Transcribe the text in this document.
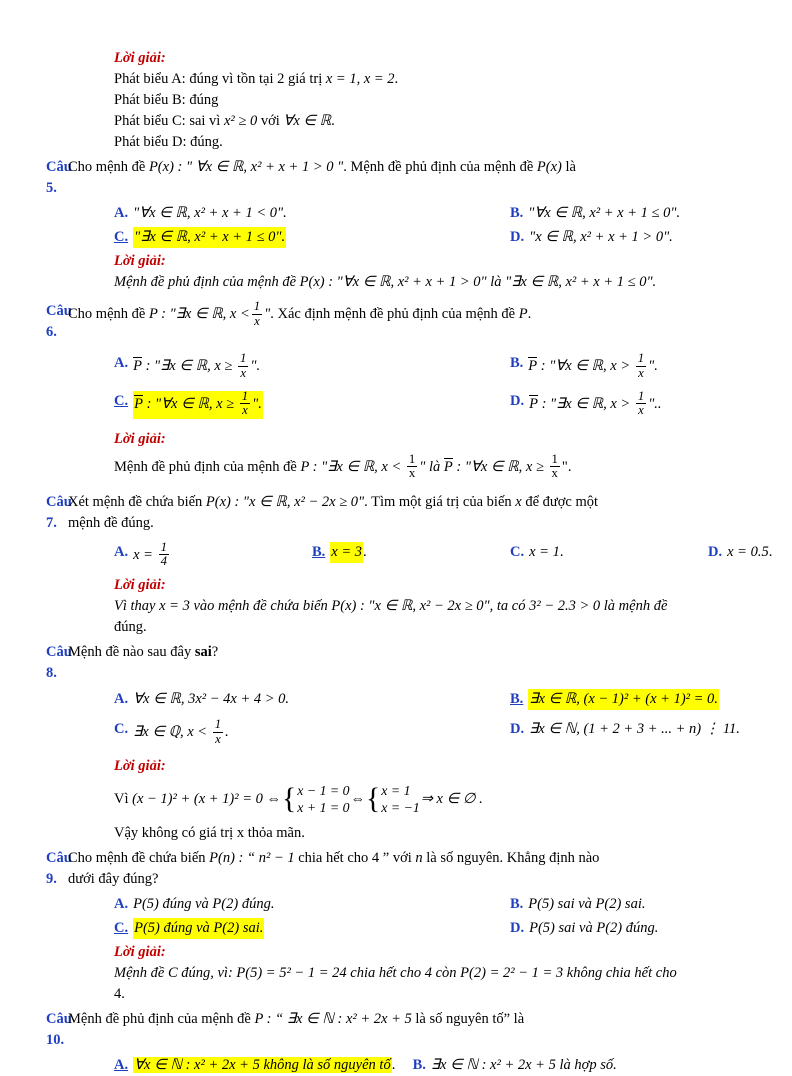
Lời giải:
Phát biểu A: đúng vì tồn tại 2 giá trị x = 1, x = 2.
Phát biểu B: đúng
Phát biểu C: sai vì x² ≥ 0 với ∀x ∈ ℝ.
Phát biểu D: đúng.
Câu 5.
Cho mệnh đề P(x) : " ∀x ∈ ℝ, x² + x + 1 > 0 ". Mệnh đề phủ định của mệnh đề P(x) là
A. "∀x ∈ ℝ, x² + x + 1 < 0".	B. "∀x ∈ ℝ, x² + x + 1 ≤ 0".
C. "∃x ∈ ℝ, x² + x + 1 ≤ 0".	D. "x ∈ ℝ, x² + x + 1 > 0".
Lời giải:
Mệnh đề phủ định của mệnh đề P(x) : "∀x ∈ ℝ, x² + x + 1 > 0" là "∃x ∈ ℝ, x² + x + 1 ≤ 0".
Câu 6.
Cho mệnh đề P : "∃x ∈ ℝ, $x < \frac{1}{x}$ ". Xác định mệnh đề phủ định của mệnh đề P.
A. P : "∃x ∈ ℝ, $x \ge \frac{1}{x}$ ".	B. P : "∀x ∈ ℝ, $x > \frac{1}{x}$ ".
C. P : "∀x ∈ ℝ, $x \ge \frac{1}{x}$ ".	D. P : "∃x ∈ ℝ, $x > \frac{1}{x}$ "..
Lời giải:
Mệnh đề phủ định của mệnh đề P : "∃x ∈ ℝ, $x < \frac{1}{x}$ " là P : "∀x ∈ ℝ, $x \ge \frac{1}{x}$ ".
Câu 7.
Xét mệnh đề chứa biến P(x) : "x ∈ ℝ, x² − 2x ≥ 0". Tìm một giá trị của biến x để được một
mệnh đề đúng.
A. $x = \frac{1}{4}$	B. x = 3 .	C. x = 1 .	D. x = 0.5 .
Lời giải:
Vì thay x = 3 vào mệnh đề chứa biến P(x) : "x ∈ ℝ, x² − 2x ≥ 0", ta có 3² − 2.3 > 0 là mệnh đề
đúng.
Câu 8.
Mệnh đề nào sau đây sai?
A. ∀x ∈ ℝ, 3x² − 4x + 4 > 0.	B. ∃x ∈ ℝ, (x − 1)² + (x + 1)² = 0.
C. ∃x ∈ ℚ, $x < \frac{1}{x}$ .	D. ∃x ∈ ℕ, (1 + 2 + 3 + ... + n) ⋮ 11.
Lời giải:
Vì (x − 1)² + (x + 1)² = 0 ⇔ { x − 1 = 0
x + 1 = 0
⇔ { x = 1
x = −1
⇒ x ∈ ∅ .
Vậy không có giá trị x thỏa mãn.
Câu 9.
Cho mệnh đề chứa biến P(n) : “ n² − 1 chia hết cho 4 ” với n là số nguyên. Khẳng định nào
dưới đây đúng?
A. P(5) đúng và P(2) đúng.	B. P(5) sai và P(2) sai.
C. P(5) đúng và P(2) sai.	D. P(5) sai và P(2) đúng.
Lời giải:
Mệnh đề C đúng, vì: P(5) = 5² − 1 = 24 chia hết cho 4 còn P(2) = 2² − 1 = 3 không chia hết cho
4.
Câu 10.
Mệnh đề phủ định của mệnh đề P : “ ∃x ∈ ℕ : x² + 2x + 5 là số nguyên tố” là
A. ∀x ∈ ℕ : x² + 2x + 5 không là số nguyên tố. B. ∃x ∈ ℕ : x² + 2x + 5 là hợp số.
